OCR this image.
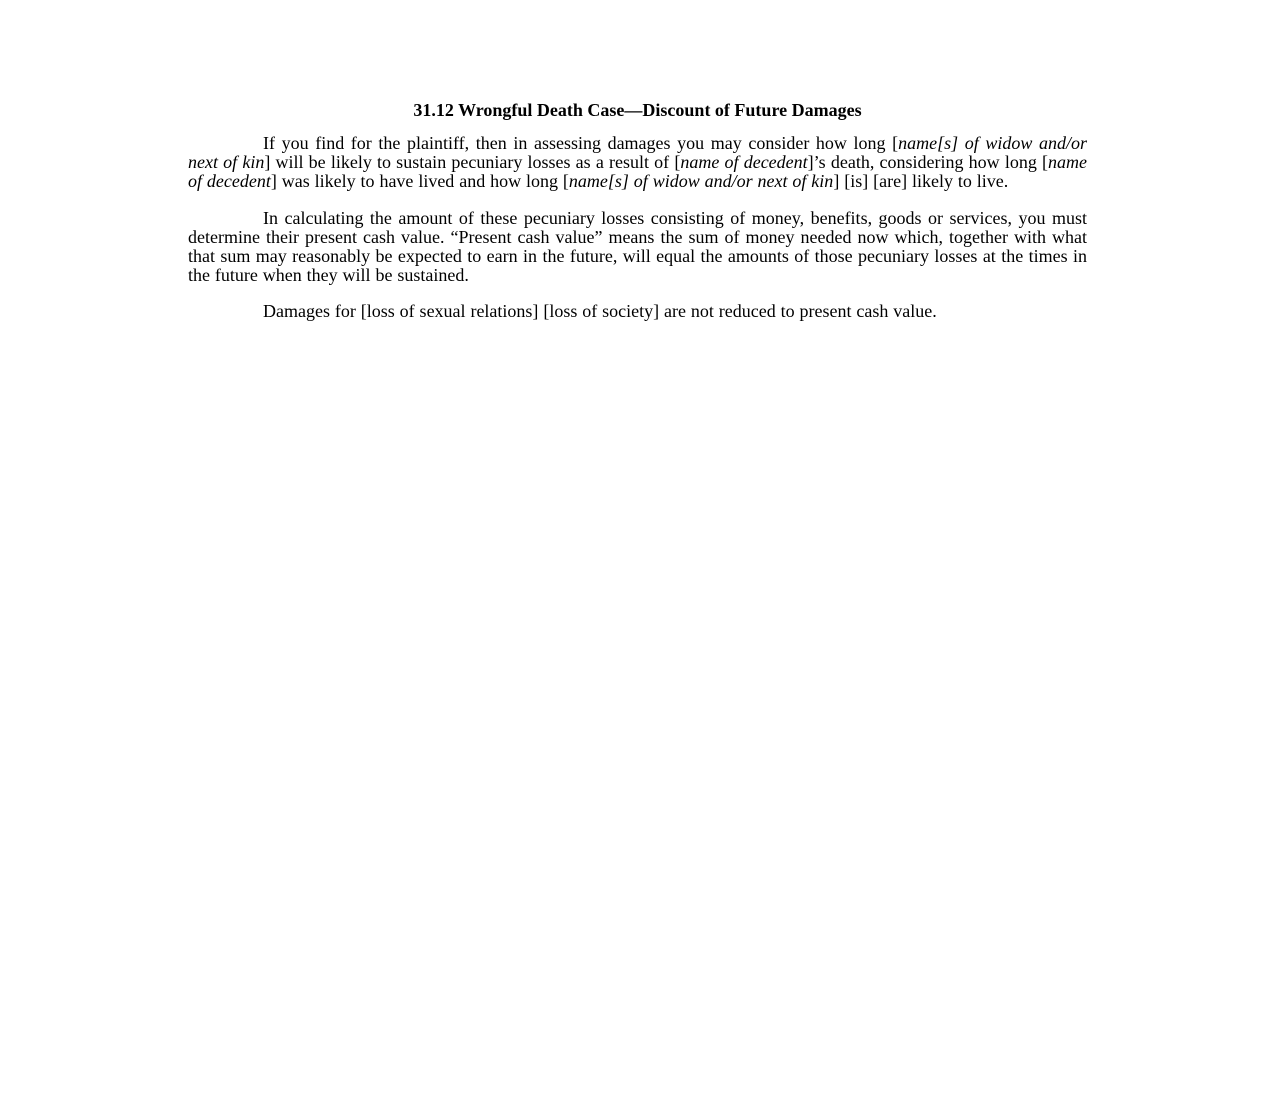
31.12 Wrongful Death Case—Discount of Future Damages

If you find for the plaintiff, then in assessing damages you may consider how long [name[s] of widow and/or next of kin] will be likely to sustain pecuniary losses as a result of [name of decedent]’s death, considering how long [name of decedent] was likely to have lived and how long [name[s] of widow and/or next of kin] [is] [are] likely to live.

In calculating the amount of these pecuniary losses consisting of money, benefits, goods or services, you must determine their present cash value. “Present cash value” means the sum of money needed now which, together with what that sum may reasonably be expected to earn in the future, will equal the amounts of those pecuniary losses at the times in the future when they will be sustained.

Damages for [loss of sexual relations] [loss of society] are not reduced to present cash value.
